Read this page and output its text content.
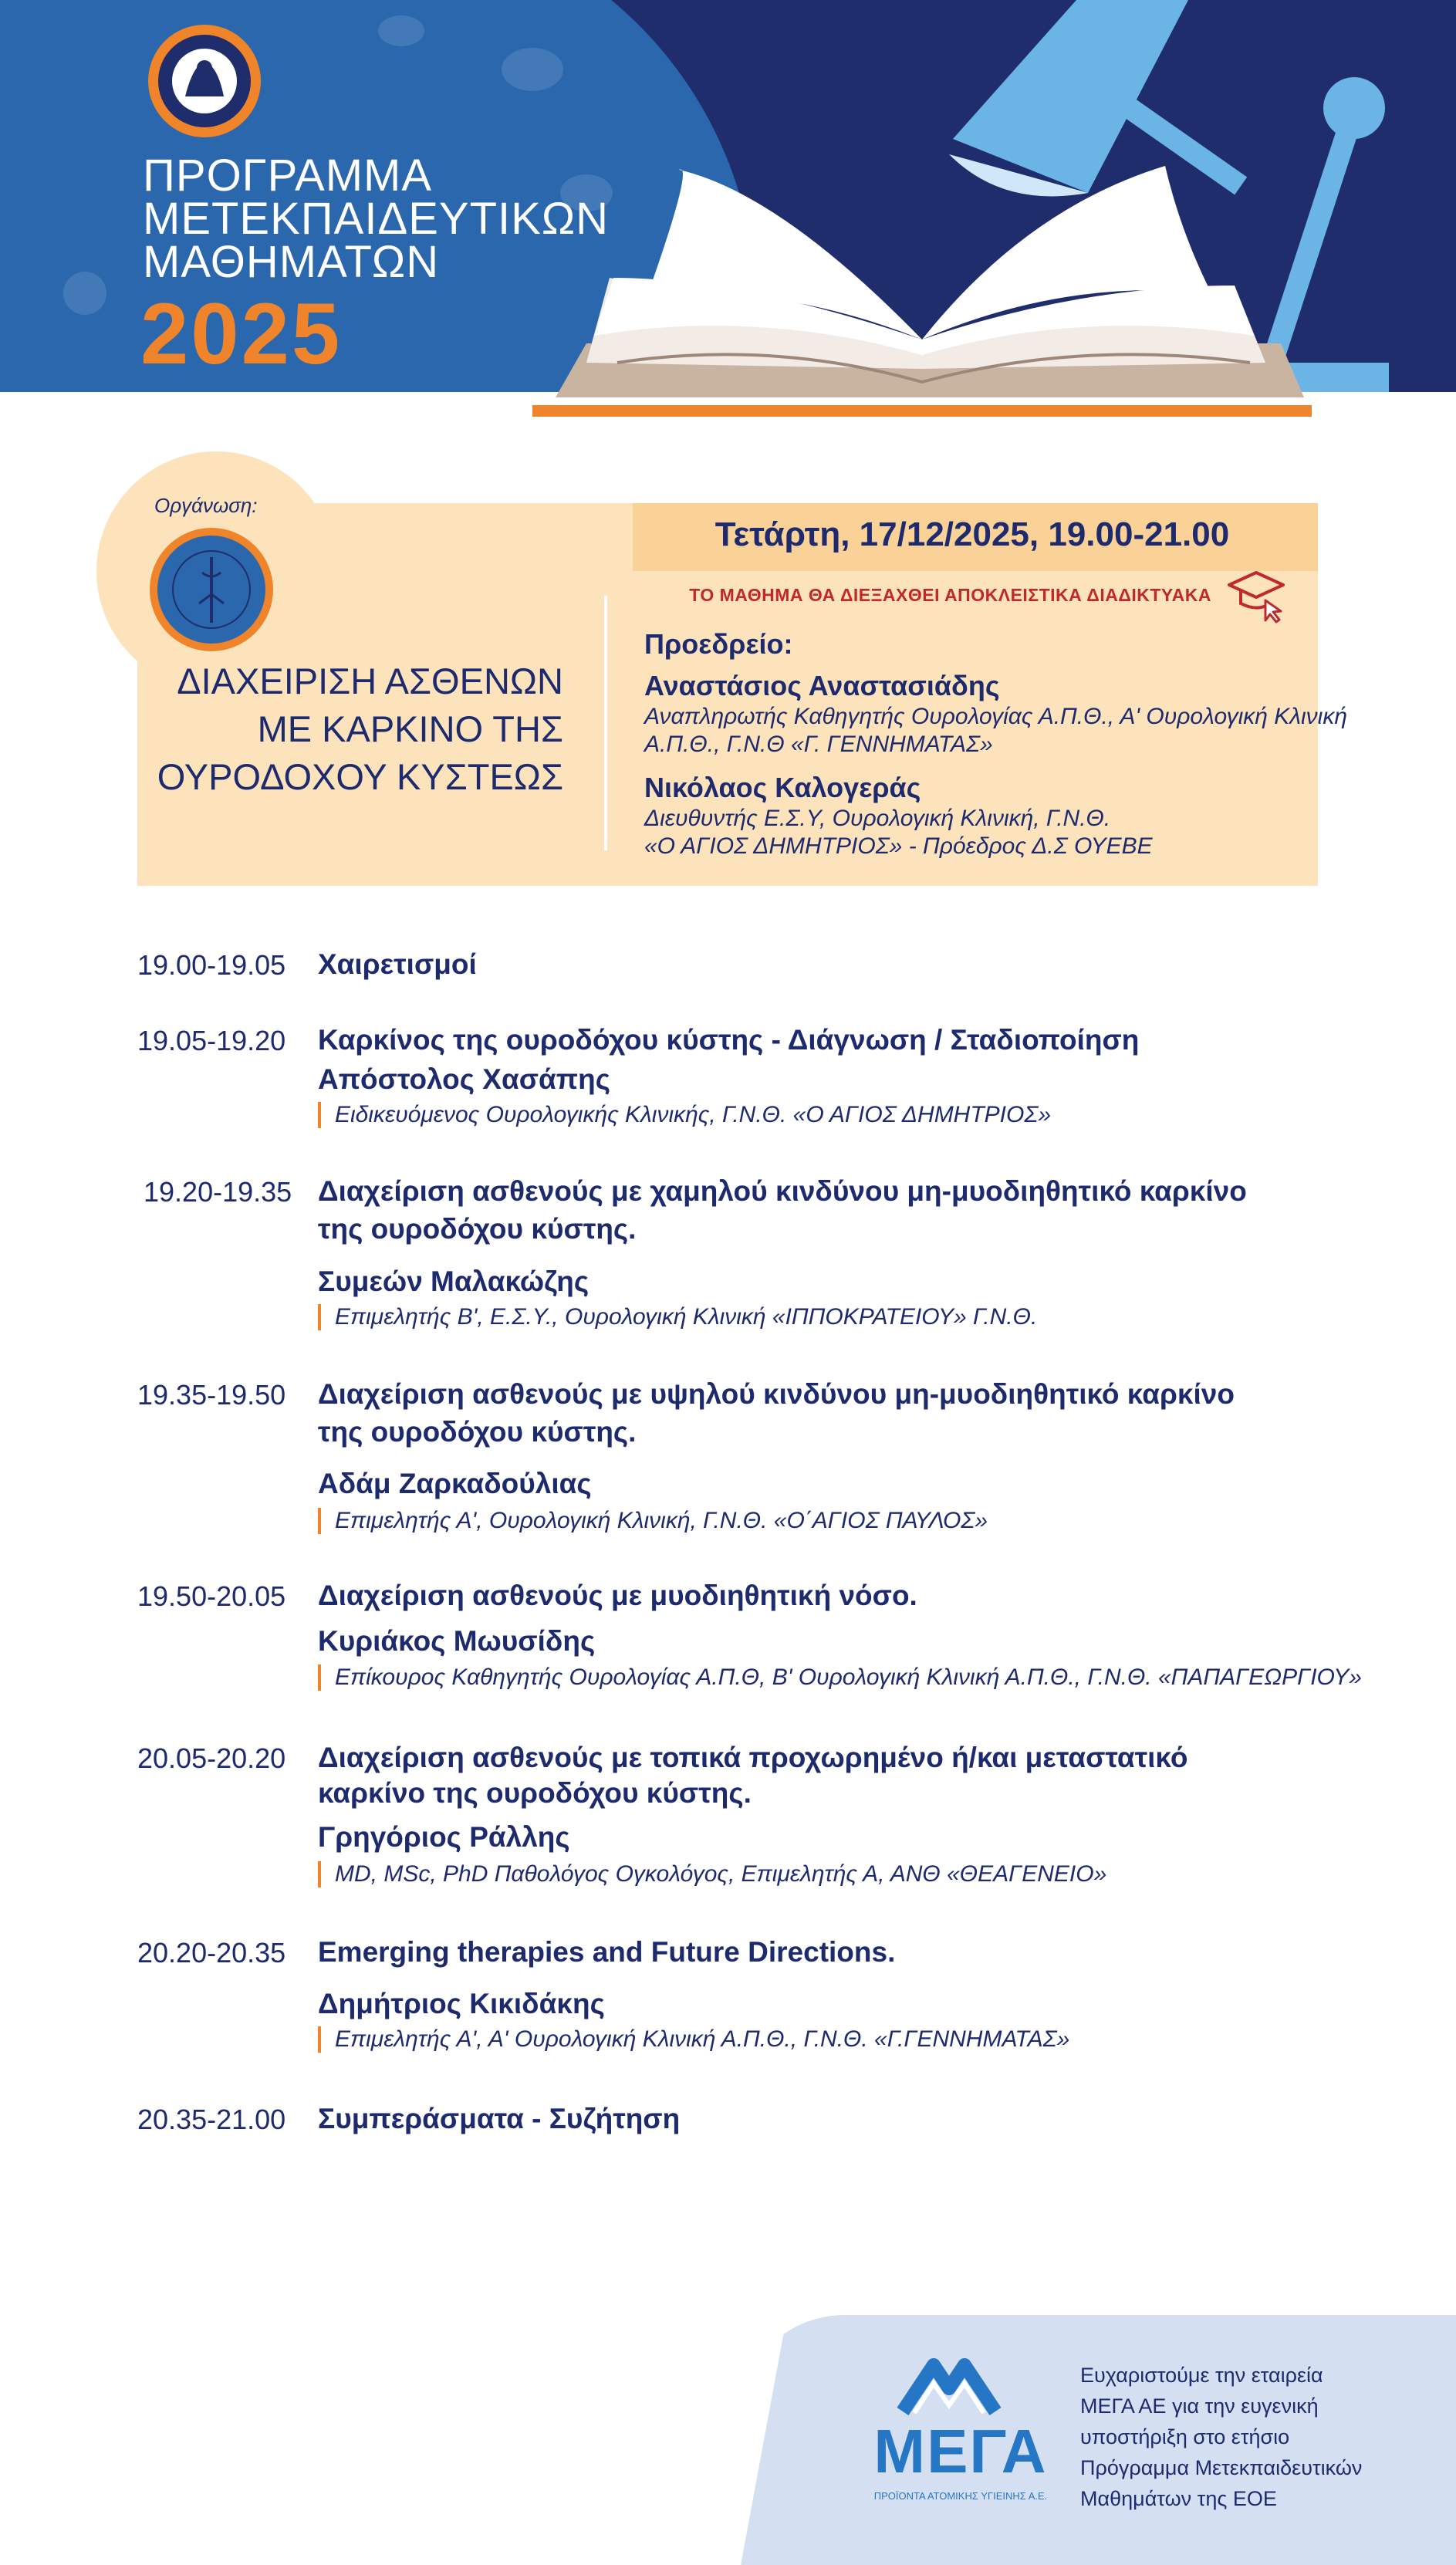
ΠΡΟΓΡΑΜΜΑ
ΜΕΤΕΚΠΑΙΔΕΥΤΙΚΩΝ
ΜΑΘΗΜΑΤΩΝ
2025
Οργάνωση:
ΔΙΑΧΕΙΡΙΣΗ ΑΣΘΕΝΩΝ
ΜΕ ΚΑΡΚΙΝΟ ΤΗΣ
ΟΥΡΟΔΟΧΟΥ ΚΥΣΤΕΩΣ
Τετάρτη, 17/12/2025, 19.00-21.00
ΤΟ ΜΑΘΗΜΑ ΘΑ ΔΙΕΞΑΧΘΕΙ ΑΠΟΚΛΕΙΣΤΙΚΑ ΔΙΑΔΙΚΤΥΑΚΑ
Προεδρείο:
Αναστάσιος Αναστασιάδης
Αναπληρωτής Καθηγητής Ουρολογίας Α.Π.Θ., Α' Ουρολογική Κλινική
Α.Π.Θ., Γ.Ν.Θ «Γ. ΓΕΝΝΗΜΑΤΑΣ»
Νικόλαος Καλογεράς
Διευθυντής Ε.Σ.Υ, Ουρολογική Κλινική, Γ.Ν.Θ.
«Ο ΑΓΙΟΣ ΔΗΜΗΤΡΙΟΣ» - Πρόεδρος Δ.Σ ΟΥΕΒΕ
19.00-19.05 Χαιρετισμοί
19.05-19.20 Καρκίνος της ουροδόχου κύστης - Διάγνωση / Σταδιοποίηση
Απόστολος Χασάπης
Ειδικευόμενος Ουρολογικής Κλινικής, Γ.Ν.Θ. «Ο ΑΓΙΟΣ ΔΗΜΗΤΡΙΟΣ»
19.20-19.35 Διαχείριση ασθενούς με χαμηλού κινδύνου μη-μυοδιηθητικό καρκίνο
της ουροδόχου κύστης.
Συμεών Μαλακώζης
Επιμελητής Β', Ε.Σ.Υ., Ουρολογική Κλινική «ΙΠΠΟΚΡΑΤΕΙΟΥ» Γ.Ν.Θ.
19.35-19.50 Διαχείριση ασθενούς με υψηλού κινδύνου μη-μυοδιηθητικό καρκίνο
της ουροδόχου κύστης.
Αδάμ Ζαρκαδούλιας
Επιμελητής Α', Ουρολογική Κλινική, Γ.Ν.Θ. «Ο΄ΑΓΙΟΣ ΠΑΥΛΟΣ»
19.50-20.05 Διαχείριση ασθενούς με μυοδιηθητική νόσο.
Κυριάκος Μωυσίδης
Επίκουρος Καθηγητής Ουρολογίας Α.Π.Θ, Β' Ουρολογική Κλινική Α.Π.Θ., Γ.Ν.Θ. «ΠΑΠΑΓΕΩΡΓΙΟΥ»
20.05-20.20 Διαχείριση ασθενούς με τοπικά προχωρημένο ή/και μεταστατικό
καρκίνο της ουροδόχου κύστης.
Γρηγόριος Ράλλης
MD, MSc, PhD Παθολόγος Ογκολόγος, Επιμελητής Α, ΑΝΘ «ΘΕΑΓΕΝΕΙΟ»
20.20-20.35 Emerging therapies and Future Directions.
Δημήτριος Κικιδάκης
Επιμελητής Α', Α' Ουρολογική Κλινική Α.Π.Θ., Γ.Ν.Θ. «Γ.ΓΕΝΝΗΜΑΤΑΣ»
20.35-21.00 Συμπεράσματα - Συζήτηση
ΜΕΓΑ
ΠΡΟΪΟΝΤΑ ΑΤΟΜΙΚΗΣ ΥΓΙΕΙΝΗΣ Α.Ε.
Ευχαριστούμε την εταιρεία
ΜΕΓΑ ΑΕ για την ευγενική
υποστήριξη στο ετήσιο
Πρόγραμμα Μετεκπαιδευτικών
Μαθημάτων της ΕΟΕ
